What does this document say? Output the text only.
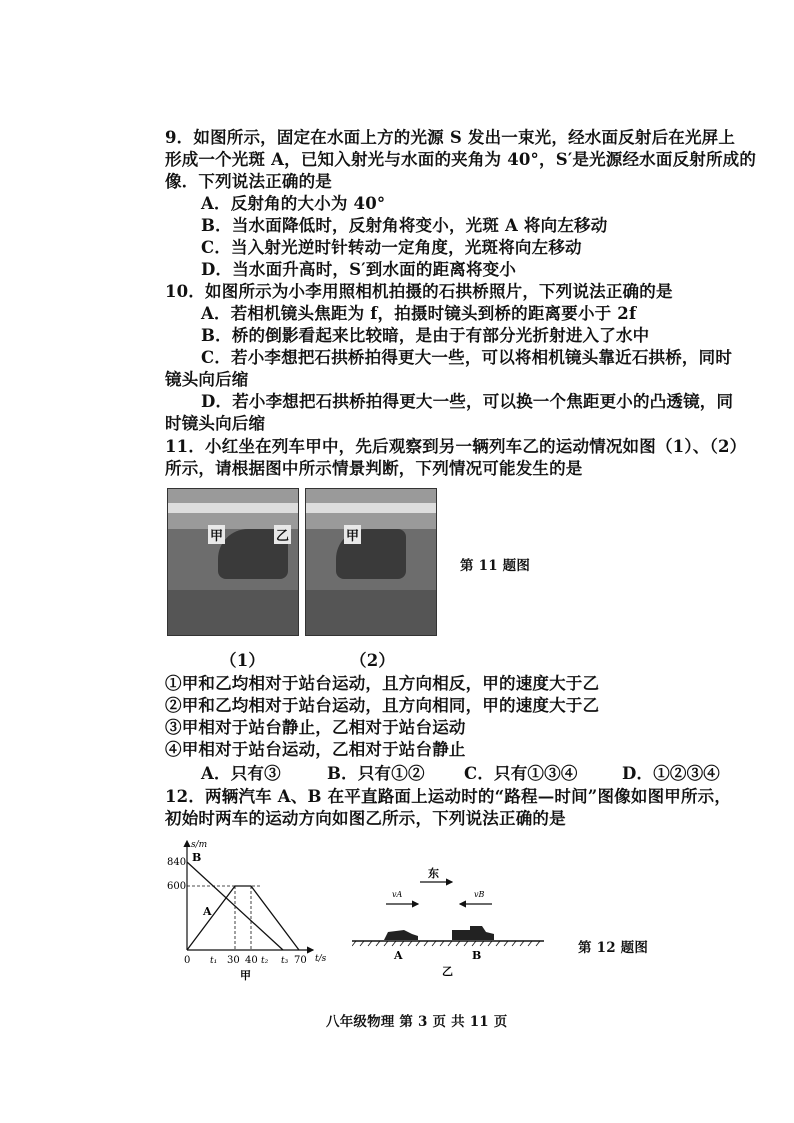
9．如图所示，固定在水面上方的光源 S 发出一束光，经水面反射后在光屏上
形成一个光斑 A，已知入射光与水面的夹角为 40°，S′是光源经水面反射所成的
像．下列说法正确的是
A．反射角的大小为 40°
B．当水面降低时，反射角将变小，光斑 A 将向左移动
C．当入射光逆时针转动一定角度，光斑将向左移动
D．当水面升高时，S′到水面的距离将变小
10．如图所示为小李用照相机拍摄的石拱桥照片，下列说法正确的是
A．若相机镜头焦距为 f，拍摄时镜头到桥的距离要小于 2f
B．桥的倒影看起来比较暗，是由于有部分光折射进入了水中
C．若小李想把石拱桥拍得更大一些，可以将相机镜头靠近石拱桥，同时
镜头向后缩
D．若小李想把石拱桥拍得更大一些，可以换一个焦距更小的凸透镜，同
时镜头向后缩
11．小红坐在列车甲中，先后观察到另一辆列车乙的运动情况如图（1）、（2）
所示，请根据图中所示情景判断，下列情况可能发生的是
甲	乙	甲
第 11 题图
（1）	（2）
①甲和乙均相对于站台运动，且方向相反，甲的速度大于乙
②甲和乙均相对于站台运动，且方向相同，甲的速度大于乙
③甲相对于站台静止，乙相对于站台运动
④甲相对于站台运动，乙相对于站台静止
A．只有③	B．只有①② C．只有①③④	D．①②③④
12．两辆汽车 A、B 在平直路面上运动时的“路程—时间”图像如图甲所示，
初始时两车的运动方向如图乙所示，下列说法正确的是
s/m
t/s
840
600
0 t₁ 30 40 t₂ t₃ 70
B
A
甲
东
vA	vB
A	B
乙
第 12 题图
八年级物理 第 3 页 共 11 页
